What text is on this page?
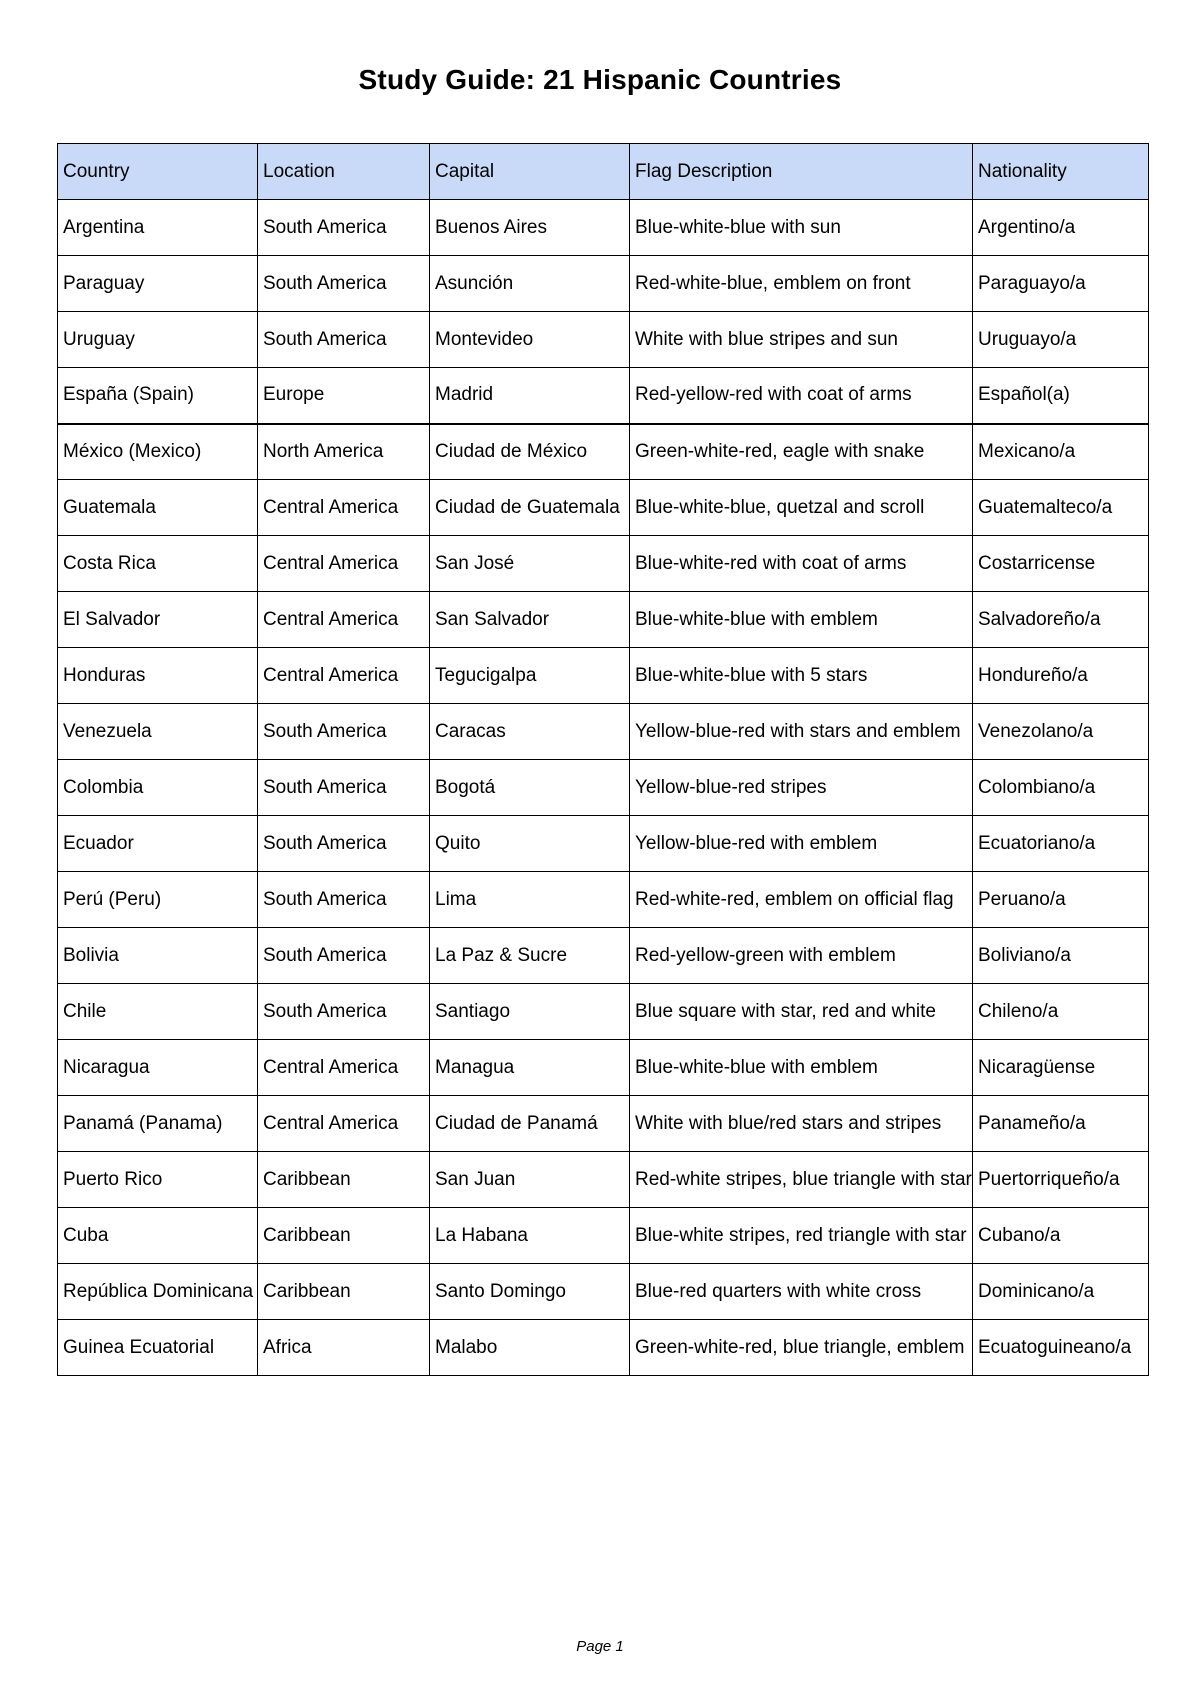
Study Guide: 21 Hispanic Countries
Country	Location	Capital	Flag Description	Nationality
Argentina	South America	Buenos Aires	Blue-white-blue with sun	Argentino/a
Paraguay	South America	Asunción	Red-white-blue, emblem on front	Paraguayo/a
Uruguay	South America	Montevideo	White with blue stripes and sun	Uruguayo/a
España (Spain)	Europe	Madrid	Red-yellow-red with coat of arms	Español(a)
México (Mexico)	North America	Ciudad de México	Green-white-red, eagle with snake	Mexicano/a
Guatemala	Central America	Ciudad de Guatemala	Blue-white-blue, quetzal and scroll	Guatemalteco/a
Costa Rica	Central America	San José	Blue-white-red with coat of arms	Costarricense
El Salvador	Central America	San Salvador	Blue-white-blue with emblem	Salvadoreño/a
Honduras	Central America	Tegucigalpa	Blue-white-blue with 5 stars	Hondureño/a
Venezuela	South America	Caracas	Yellow-blue-red with stars and emblem	Venezolano/a
Colombia	South America	Bogotá	Yellow-blue-red stripes	Colombiano/a
Ecuador	South America	Quito	Yellow-blue-red with emblem	Ecuatoriano/a
Perú (Peru)	South America	Lima	Red-white-red, emblem on official flag	Peruano/a
Bolivia	South America	La Paz & Sucre	Red-yellow-green with emblem	Boliviano/a
Chile	South America	Santiago	Blue square with star, red and white	Chileno/a
Nicaragua	Central America	Managua	Blue-white-blue with emblem	Nicaragüense
Panamá (Panama)	Central America	Ciudad de Panamá	White with blue/red stars and stripes	Panameño/a
Puerto Rico	Caribbean	San Juan	Red-white stripes, blue triangle with star	Puertorriqueño/a
Cuba	Caribbean	La Habana	Blue-white stripes, red triangle with star	Cubano/a
República Dominicana	Caribbean	Santo Domingo	Blue-red quarters with white cross	Dominicano/a
Guinea Ecuatorial	Africa	Malabo	Green-white-red, blue triangle, emblem	Ecuatoguineano/a
Page 1
